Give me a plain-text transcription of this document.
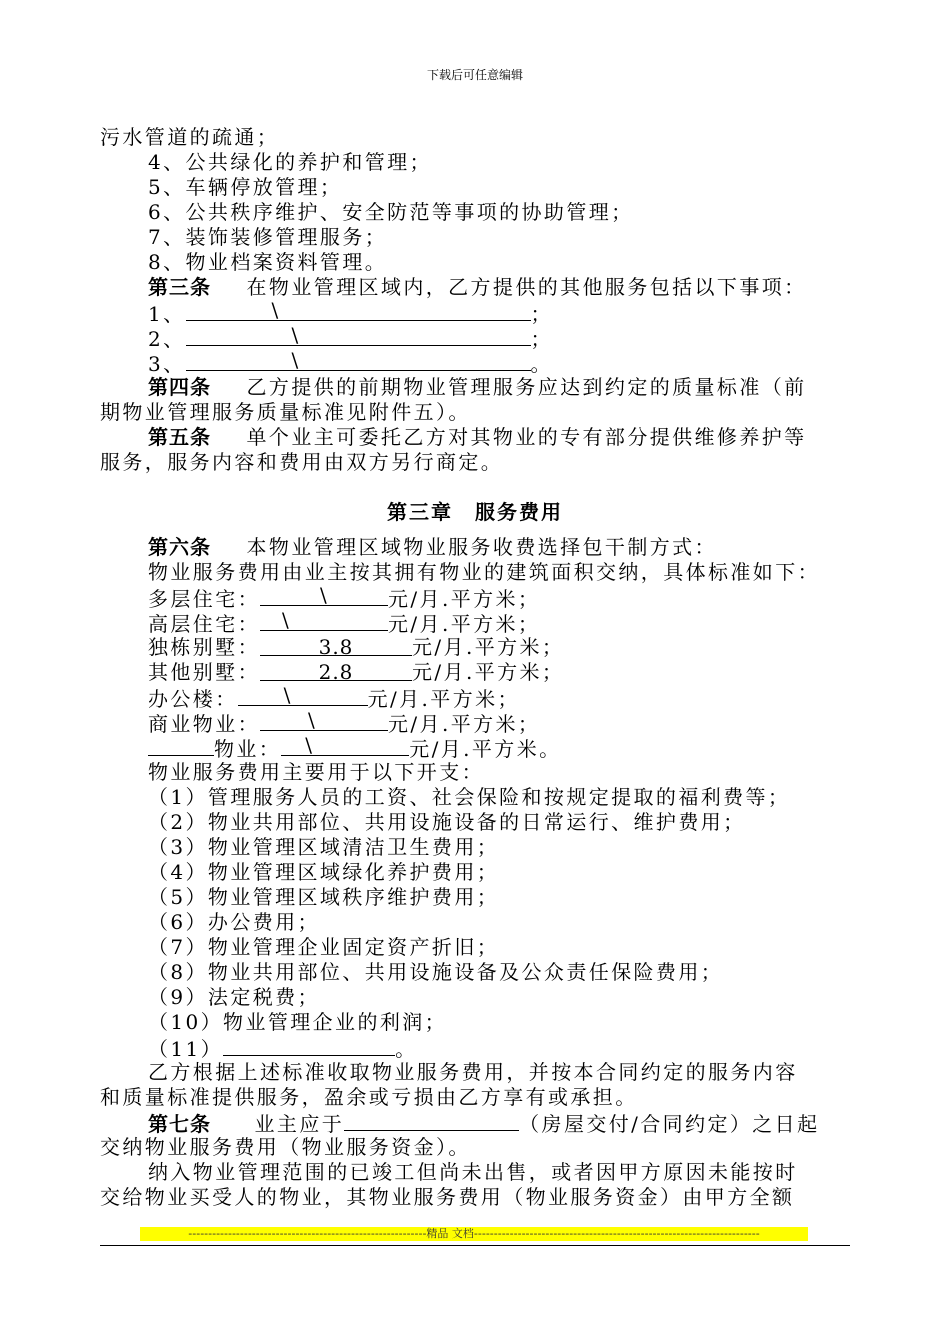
下载后可任意编辑
污水管道的疏通；
4、公共绿化的养护和管理；
5、车辆停放管理；
6、公共秩序维护、安全防范等事项的协助管理；
7、装饰装修管理服务；
8、物业档案资料管理。
第三条 在物业管理区域内，乙方提供的其他服务包括以下事项：
1、	\	；
2、	\	；
3、	\	。
第四条 乙方提供的前期物业管理服务应达到约定的质量标准（前
期物业管理服务质量标准见附件五）。
第五条 单个业主可委托乙方对其物业的专有部分提供维修养护等
服务，服务内容和费用由双方另行商定。
第三章　服务费用
第六条 本物业管理区域物业服务收费选择包干制方式：
物业服务费用由业主按其拥有物业的建筑面积交纳，具体标准如下：
多层住宅：	\	元/月.平方米；
高层住宅： \	元/月.平方米；
独栋别墅：	3.8	元/月.平方米；
其他别墅：	2.8	元/月.平方米；
办公楼： \	元/月.平方米；
商业物业： \	元/月.平方米；
物业： \	元/月.平方米。
物业服务费用主要用于以下开支：
（1）管理服务人员的工资、社会保险和按规定提取的福利费等；
（2）物业共用部位、共用设施设备的日常运行、维护费用；
（3）物业管理区域清洁卫生费用；
（4）物业管理区域绿化养护费用；
（5）物业管理区域秩序维护费用；
（6）办公费用；
（7）物业管理企业固定资产折旧；
（8）物业共用部位、共用设施设备及公众责任保险费用；
（9）法定税费；
（10）物业管理企业的利润；
（11）	。
乙方根据上述标准收取物业服务费用，并按本合同约定的服务内容
和质量标准提供服务，盈余或亏损由乙方享有或承担。
第七条 业主应于	（房屋交付/合同约定）之日起
交纳物业服务费用（物业服务资金）。
纳入物业管理范围的已竣工但尚未出售，或者因甲方原因未能按时
交给物业买受人的物业，其物业服务费用（物业服务资金）由甲方全额
------------------------------------------------------------精品 文档------------------------------------------------------------------------
